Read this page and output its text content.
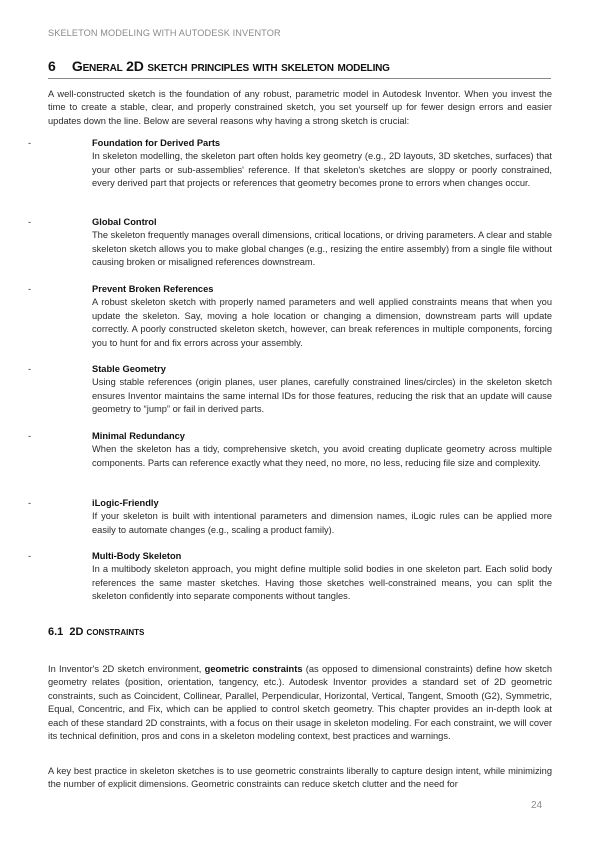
SKELETON MODELING WITH AUTODESK INVENTOR
6 General 2D sketch principles with skeleton modeling
A well-constructed sketch is the foundation of any robust, parametric model in Autodesk Inventor. When you invest the time to create a stable, clear, and properly constrained sketch, you set yourself up for fewer design errors and easier updates down the line. Below are several reasons why having a strong sketch is crucial:
-	Foundation for Derived Parts
In skeleton modelling, the skeleton part often holds key geometry (e.g., 2D layouts, 3D sketches, surfaces) that your other parts or sub-assemblies' reference. If that skeleton's sketches are sloppy or poorly constrained, every derived part that projects or references that geometry becomes prone to errors when changes occur.
-	Global Control
The skeleton frequently manages overall dimensions, critical locations, or driving parameters. A clear and stable skeleton sketch allows you to make global changes (e.g., resizing the entire assembly) from a single file without causing broken or misaligned references downstream.
-	Prevent Broken References
A robust skeleton sketch with properly named parameters and well applied constraints means that when you update the skeleton. Say, moving a hole location or changing a dimension, downstream parts will update correctly. A poorly constructed skeleton sketch, however, can break references in multiple components, forcing you to hunt for and fix errors across your assembly.
-	Stable Geometry
Using stable references (origin planes, user planes, carefully constrained lines/circles) in the skeleton sketch ensures Inventor maintains the same internal IDs for those features, reducing the risk that an update will cause geometry to “jump” or fail in derived parts.
-	Minimal Redundancy
When the skeleton has a tidy, comprehensive sketch, you avoid creating duplicate geometry across multiple components. Parts can reference exactly what they need, no more, no less, reducing file size and complexity.
-	iLogic-Friendly
If your skeleton is built with intentional parameters and dimension names, iLogic rules can be applied more easily to automate changes (e.g., scaling a product family).
-	Multi-Body Skeleton
In a multibody skeleton approach, you might define multiple solid bodies in one skeleton part. Each solid body references the same master sketches. Having those sketches well-constrained means, you can split the skeleton confidently into separate components without tangles.
6.1 2D constraints
In Inventor's 2D sketch environment, geometric constraints (as opposed to dimensional constraints) define how sketch geometry relates (position, orientation, tangency, etc.). Autodesk Inventor provides a standard set of 2D geometric constraints, such as Coincident, Collinear, Parallel, Perpendicular, Horizontal, Vertical, Tangent, Smooth (G2), Symmetric, Equal, Concentric, and Fix, which can be applied to control sketch geometry. This chapter provides an in-depth look at each of these standard 2D constraints, with a focus on their usage in skeleton modeling. For each constraint, we will cover its technical definition, pros and cons in a skeleton modeling context, best practices and warnings.
A key best practice in skeleton sketches is to use geometric constraints liberally to capture design intent, while minimizing the number of explicit dimensions. Geometric constraints can reduce sketch clutter and the need for
24
